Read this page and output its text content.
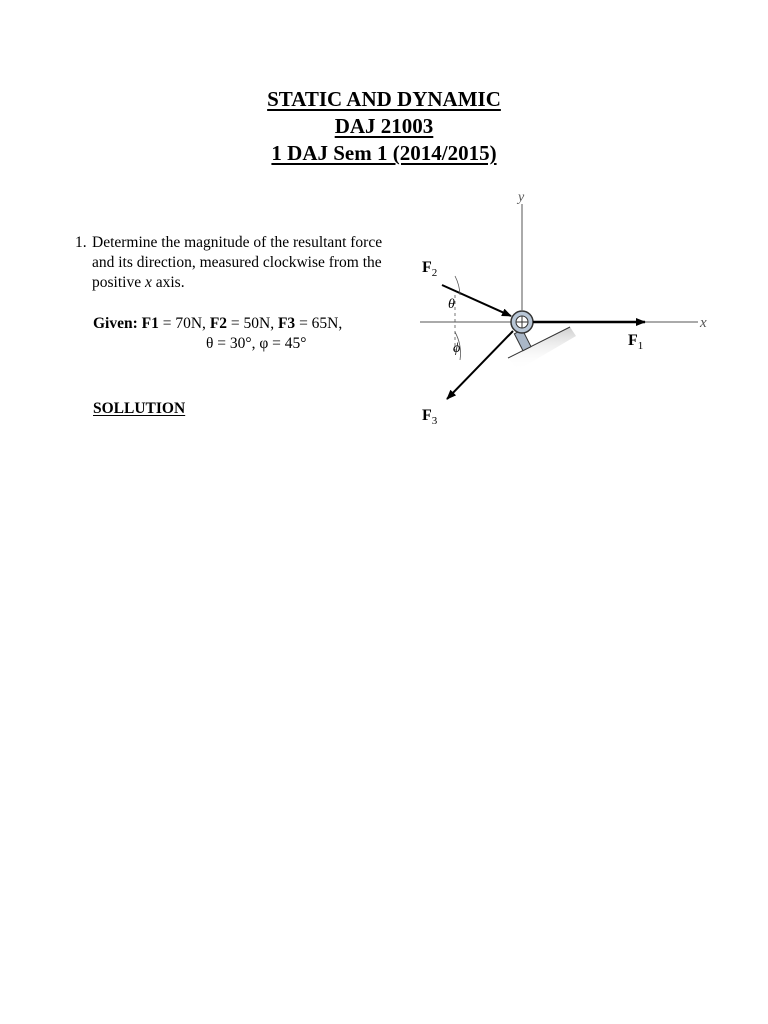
STATIC AND DYNAMIC
DAJ 21003
1 DAJ Sem 1 (2014/2015)
1. Determine the magnitude of the resultant force and its direction, measured clockwise from the positive x axis.
Given: F1 = 70N, F2 = 50N, F3 = 65N,
θ = 30°, φ = 45°
SOLLUTION
y
x
$F_2$
$F_1$
$F_3$
θ
ϕ
